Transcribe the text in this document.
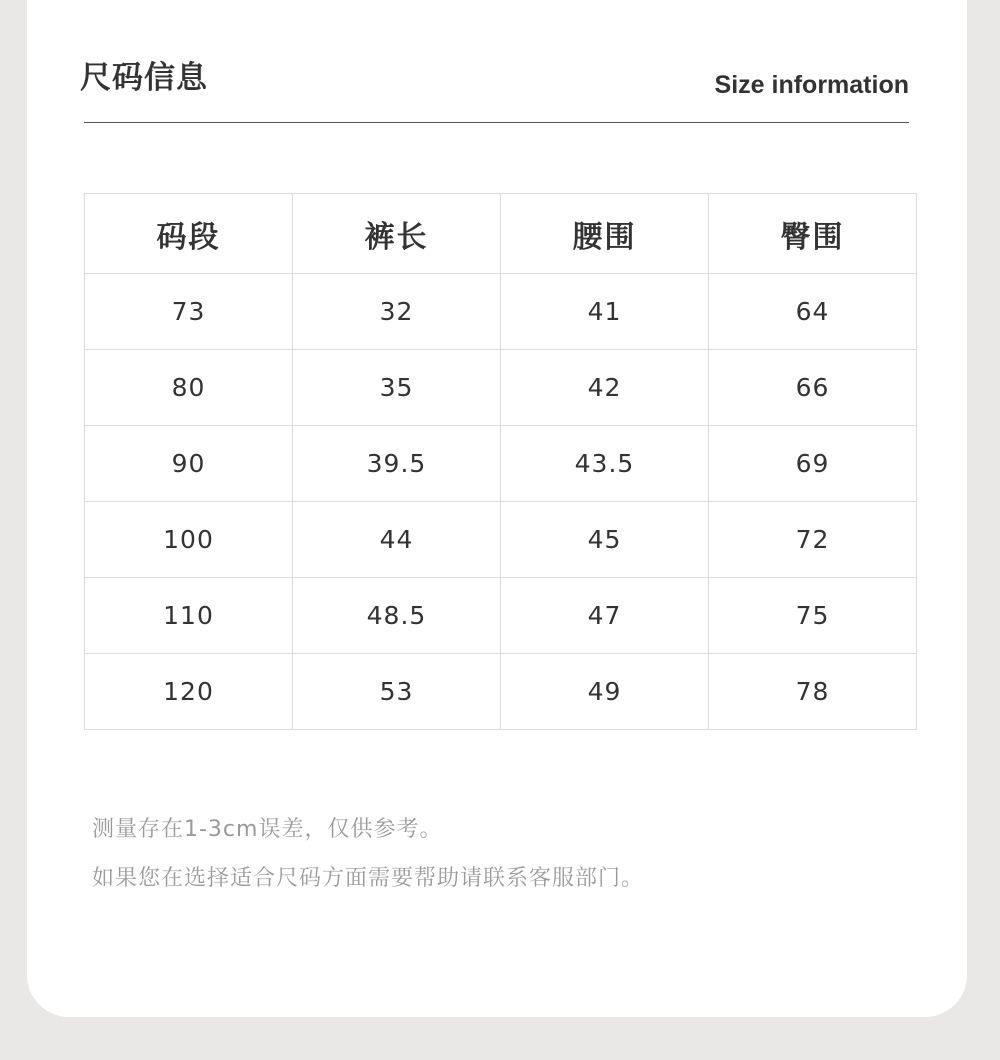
尺码信息	Size information
码段	裤长	腰围	臀围
73	32	41	64
80	35	42	66
90	39.5	43.5	69
100	44	45	72
110	48.5	47	75
120	53	49	78
测量存在1-3cm误差，仅供参考。
如果您在选择适合尺码方面需要帮助请联系客服部门。
